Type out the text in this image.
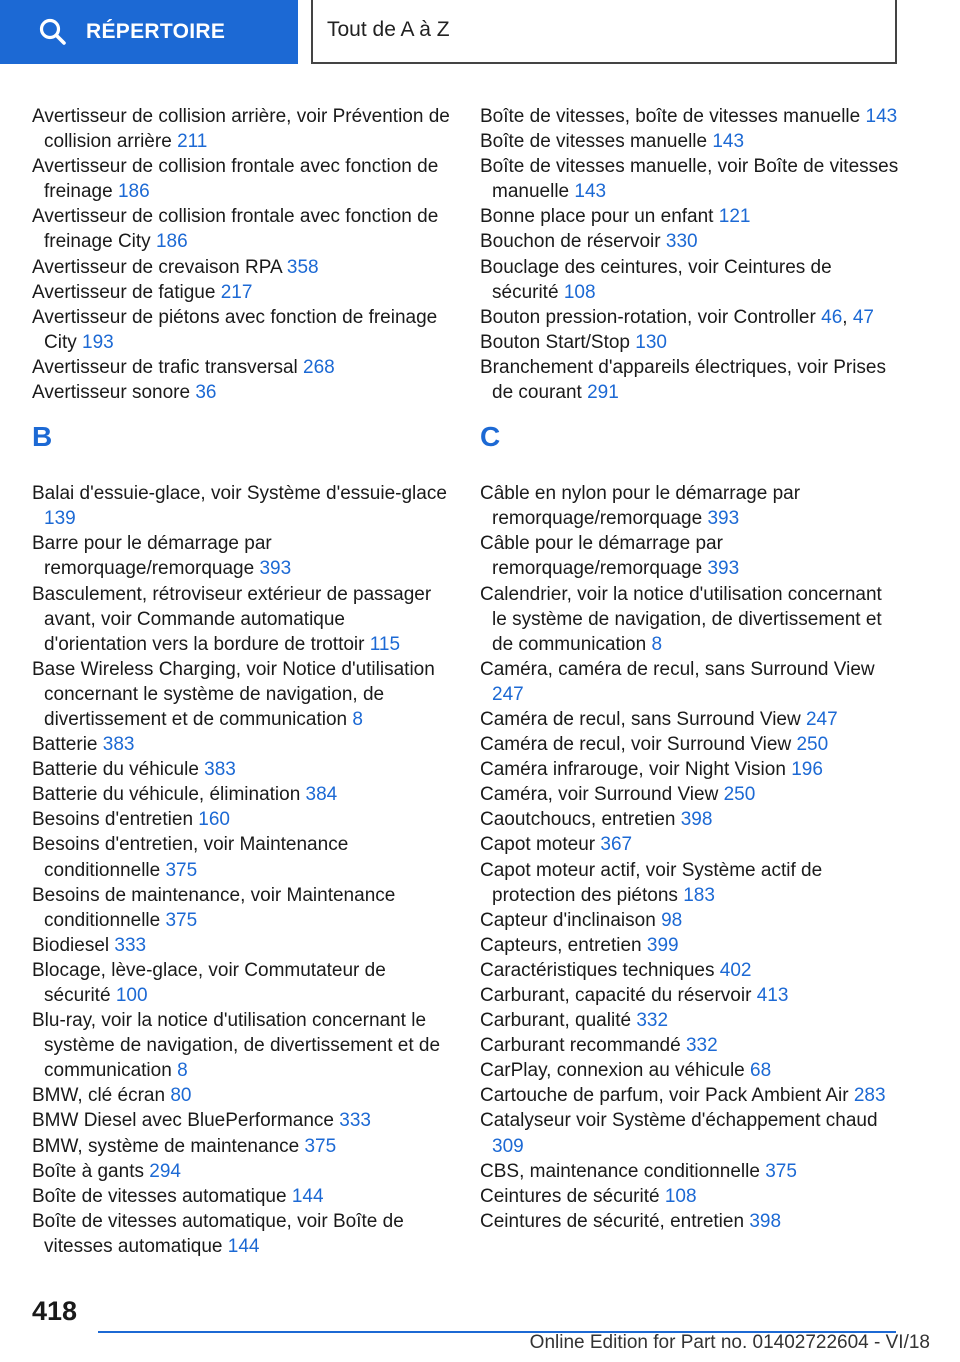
RÉPERTOIRE	Tout de A à Z
Avertisseur de collision arrière, voir Prévention de collision arrière 211
Avertisseur de collision frontale avec fonction de freinage 186
Avertisseur de collision frontale avec fonction de freinage City 186
Avertisseur de crevaison RPA 358
Avertisseur de fatigue 217
Avertisseur de piétons avec fonction de freinage City 193
Avertisseur de trafic transversal 268
Avertisseur sonore 36
B
Balai d'essuie-glace, voir Système d'essuie-glace 139
Barre pour le démarrage par remorquage/remorquage 393
Basculement, rétroviseur extérieur de passager avant, voir Commande automatique d'orientation vers la bordure de trottoir 115
Base Wireless Charging, voir Notice d'utilisation concernant le système de navigation, de divertissement et de communication 8
Batterie 383
Batterie du véhicule 383
Batterie du véhicule, élimination 384
Besoins d'entretien 160
Besoins d'entretien, voir Maintenance conditionnelle 375
Besoins de maintenance, voir Maintenance conditionnelle 375
Biodiesel 333
Blocage, lève-glace, voir Commutateur de sécurité 100
Blu-ray, voir la notice d'utilisation concernant le système de navigation, de divertissement et de communication 8
BMW, clé écran 80
BMW Diesel avec BluePerformance 333
BMW, système de maintenance 375
Boîte à gants 294
Boîte de vitesses automatique 144
Boîte de vitesses automatique, voir Boîte de vitesses automatique 144
Boîte de vitesses, boîte de vitesses manuelle 143
Boîte de vitesses manuelle 143
Boîte de vitesses manuelle, voir Boîte de vitesses manuelle 143
Bonne place pour un enfant 121
Bouchon de réservoir 330
Bouclage des ceintures, voir Ceintures de sécurité 108
Bouton pression-rotation, voir Controller 46, 47
Bouton Start/Stop 130
Branchement d'appareils électriques, voir Prises de courant 291
C
Câble en nylon pour le démarrage par remorquage/remorquage 393
Câble pour le démarrage par remorquage/remorquage 393
Calendrier, voir la notice d'utilisation concernant le système de navigation, de divertissement et de communication 8
Caméra, caméra de recul, sans Surround View 247
Caméra de recul, sans Surround View 247
Caméra de recul, voir Surround View 250
Caméra infrarouge, voir Night Vision 196
Caméra, voir Surround View 250
Caoutchoucs, entretien 398
Capot moteur 367
Capot moteur actif, voir Système actif de protection des piétons 183
Capteur d'inclinaison 98
Capteurs, entretien 399
Caractéristiques techniques 402
Carburant, capacité du réservoir 413
Carburant, qualité 332
Carburant recommandé 332
CarPlay, connexion au véhicule 68
Cartouche de parfum, voir Pack Ambient Air 283
Catalyseur voir Système d'échappement chaud 309
CBS, maintenance conditionnelle 375
Ceintures de sécurité 108
Ceintures de sécurité, entretien 398
418
Online Edition for Part no. 01402722604 - VI/18
